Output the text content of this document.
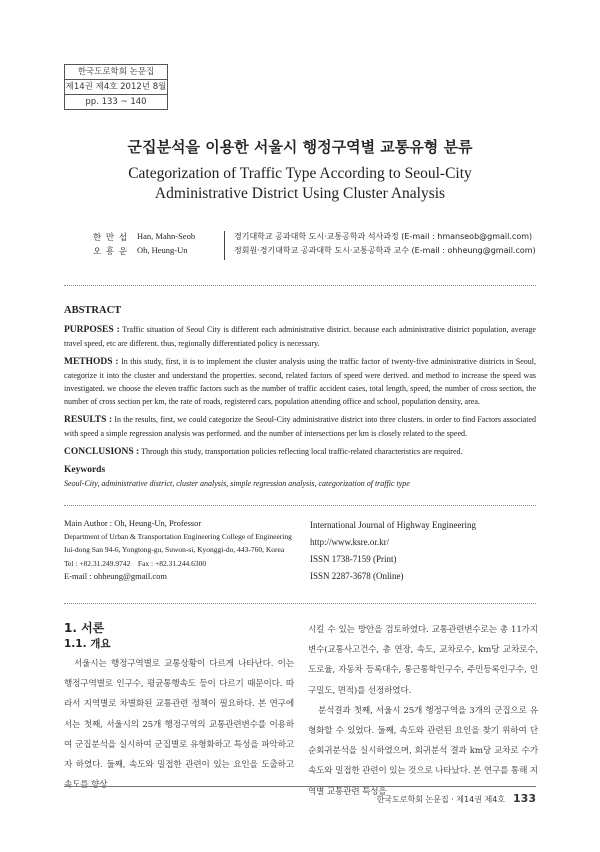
한국도로학회 논문집
제14권 제4호 2012년 8월
pp. 133 ~ 140
군집분석을 이용한 서울시 행정구역별 교통유형 분류
Categorization of Traffic Type According to Seoul-City
Administrative District Using Cluster Analysis
한 만 섭 Han, Mahn-Seob	경기대학교 공과대학 도시·교통공학과 석사과정 (E-mail : hmanseob@gmail.com)
오 흥 운 Oh, Heung-Un	정회원·경기대학교 공과대학 도시·교통공학과 교수 (E-mail : ohheung@gmail.com)
ABSTRACT

PURPOSES : Traffic situation of Seoul City is different each administrative district. because each administrative district population, average travel speed, etc are different. thus, regionally differentiated policy is necessary.

METHODS : In this study, first, it is to implement the cluster analysis using the traffic factor of twenty-five administrative districts in Seoul, categorize it into the cluster and understand the properties. second, related factors of speed were derived. and method to increase the speed was investigated. we choose the eleven traffic factors such as the number of traffic accident cases, total length, speed, the number of cross section, the number of cross section per km, the rate of roads, registered cars, population attending office and school, population density, area.

RESULTS : In the results, first, we could categorize the Seoul-City administrative district into three clusters. in order to find Factors associated with speed a simple regression analysis was performed. and the number of intersections per km is closely related to the speed.

CONCLUSIONS : Through this study, transportation policies reflecting local traffic-related characteristics are required.

Keywords
Seoul-City, administrative district, cluster analysis, simple regression analysis, categorization of traffic type
Main Author : Oh, Heung-Un, Professor
Department of Urban & Transportation Engineering College of Engineering
Iui-dong San 94-6, Yongtong-gu, Suwon-si, Kyonggi-do, 443-760, Korea
Tel : +82.31.249.9742    Fax : +82.31.244.6300
E-mail : ohheung@gmail.com
International Journal of Highway Engineering
http://www.ksre.or.kr/
ISSN 1738-7159 (Print)
ISSN 2287-3678 (Online)
1. 서론
1.1. 개요

서울시는 행정구역별로 교통상황이 다르게 나타난다. 이는 행정구역별로 인구수, 평균통행속도 등이 다르기 때문이다. 따라서 지역별로 차별화된 교통관련 정책이 필요하다. 본 연구에서는 첫째, 서울시의 25개 행정구역의 교통관련변수를 이용하여 군집분석을 실시하여 군집별로 유형화하고 특성을 파악하고자 하였다. 둘째, 속도와 밀접한 관련이 있는 요인을 도출하고 속도를 향상

시킬 수 있는 방안을 검토하였다. 교통관련변수로는 총 11가지 변수(교통사고건수, 총 연장, 속도, 교차로수, km당 교차로수, 도로율, 자동차 등록대수, 통근통학인구수, 주민등록인구수, 인구밀도, 면적)를 선정하였다.

분석결과 첫째, 서울시 25개 행정구역을 3개의 군집으로 유형화할 수 있었다. 둘째, 속도와 관련된 요인을 찾기 위하여 단순회귀분석을 실시하였으며, 회귀분석 결과 km당 교차로 수가 속도와 밀접한 관련이 있는 것으로 나타났다. 본 연구를 통해 지역별 교통관련 특성을

한국도로학회 논문집 · 제14권 제4호 133
